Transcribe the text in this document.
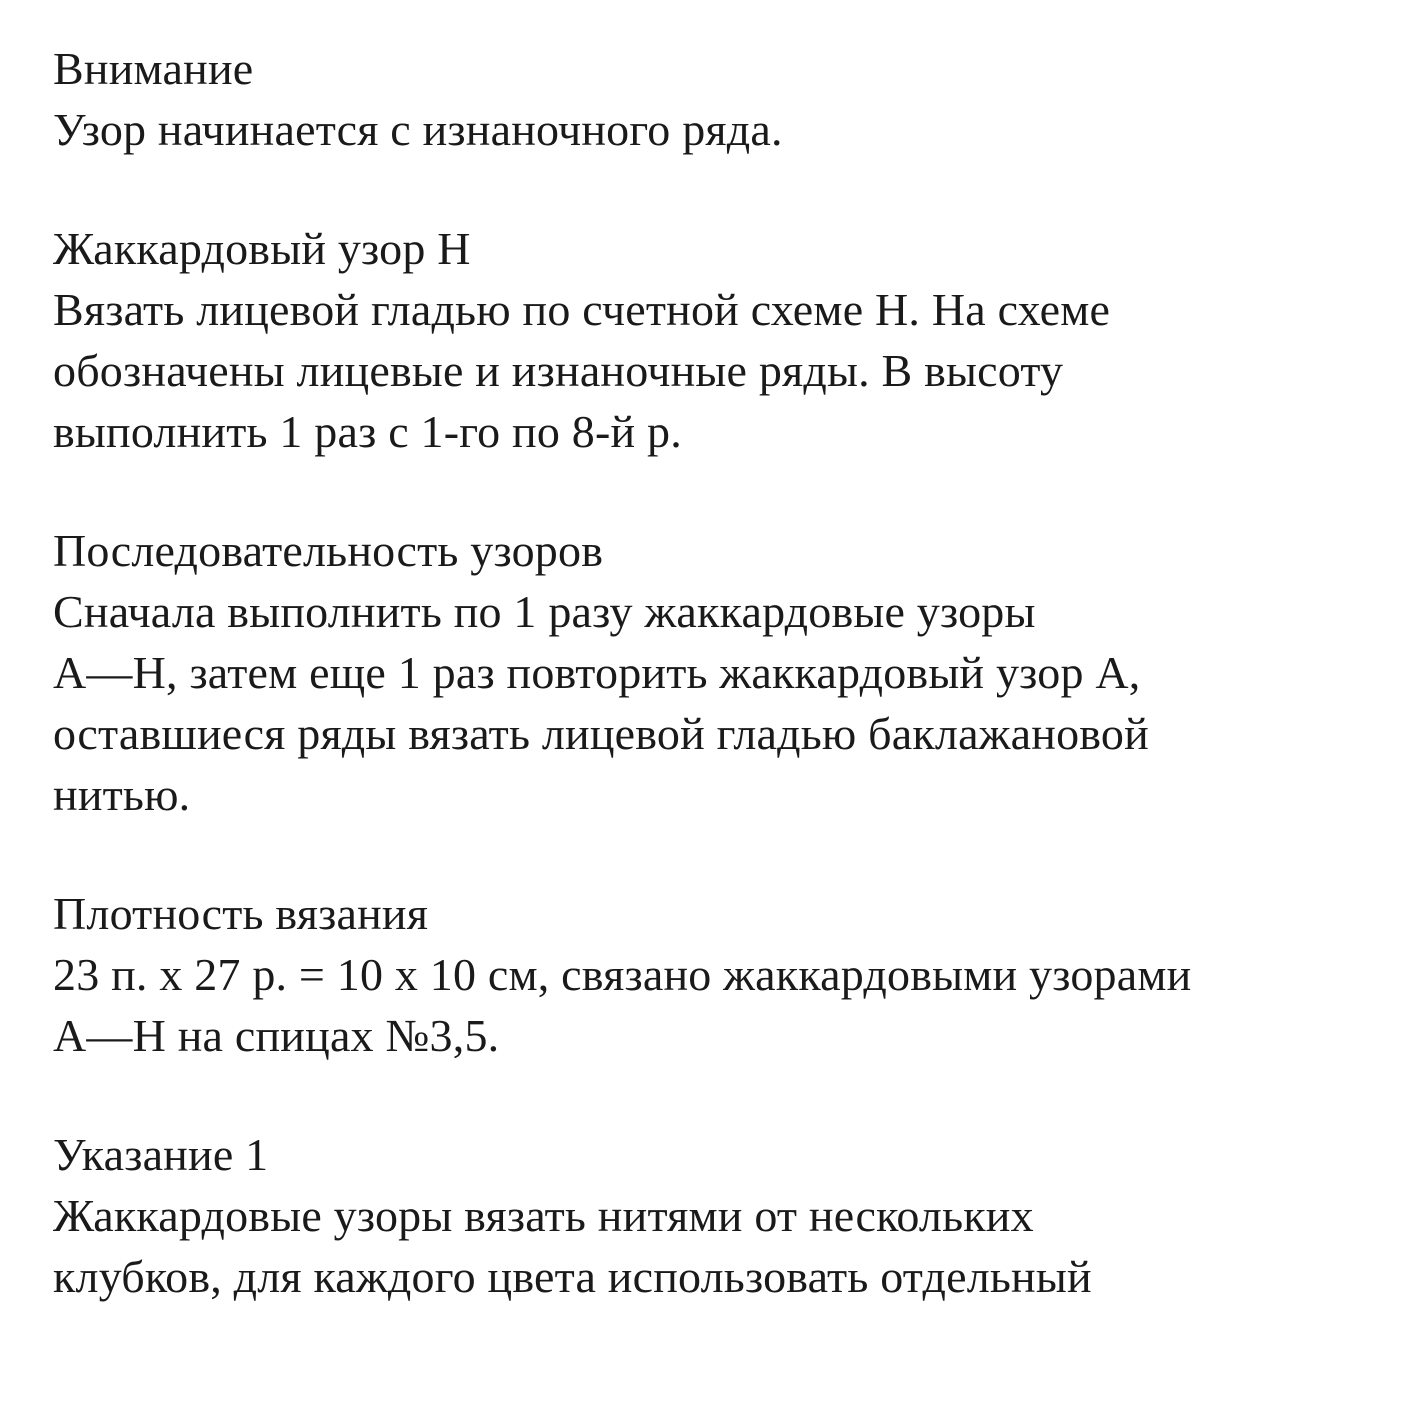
Внимание
Узор начинается с изнаночного ряда.
Жаккардовый узор Н
Вязать лицевой гладью по счетной схеме Н. На схеме
обозначены лицевые и изнаночные ряды. В высоту
выполнить 1 раз с 1-го по 8-й р.
Последовательность узоров
Сначала выполнить по 1 разу жаккардовые узоры
А—Н, затем еще 1 раз повторить жаккардовый узор А,
оставшиеся ряды вязать лицевой гладью баклажановой
нитью.
Плотность вязания
23 п. х 27 р. = 10 х 10 см, связано жаккардовыми узорами
А—Н на спицах №3,5.
Указание 1
Жаккардовые узоры вязать нитями от нескольких
клубков, для каждого цвета использовать отдельный
